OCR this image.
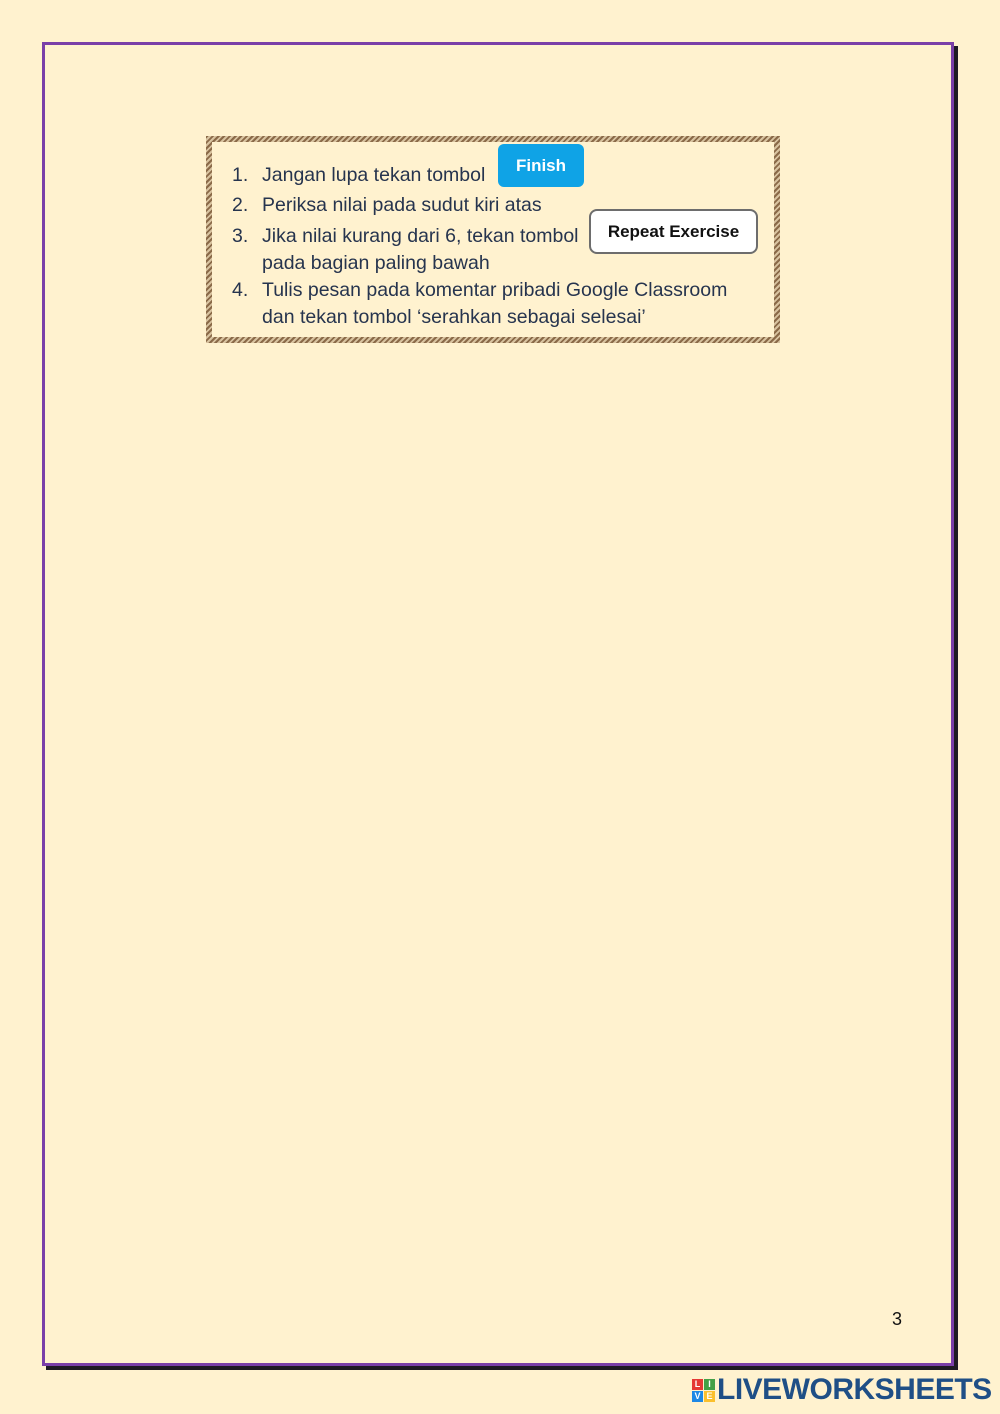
1. Jangan lupa tekan tombol
2. Periksa nilai pada sudut kiri atas
3. Jika nilai kurang dari 6, tekan tombol
pada bagian paling bawah
4. Tulis pesan pada komentar pribadi Google Classroom
dan tekan tombol ‘serahkan sebagai selesai’
Finish
Repeat Exercise
3
L I
V E LIVEWORKSHEETS
